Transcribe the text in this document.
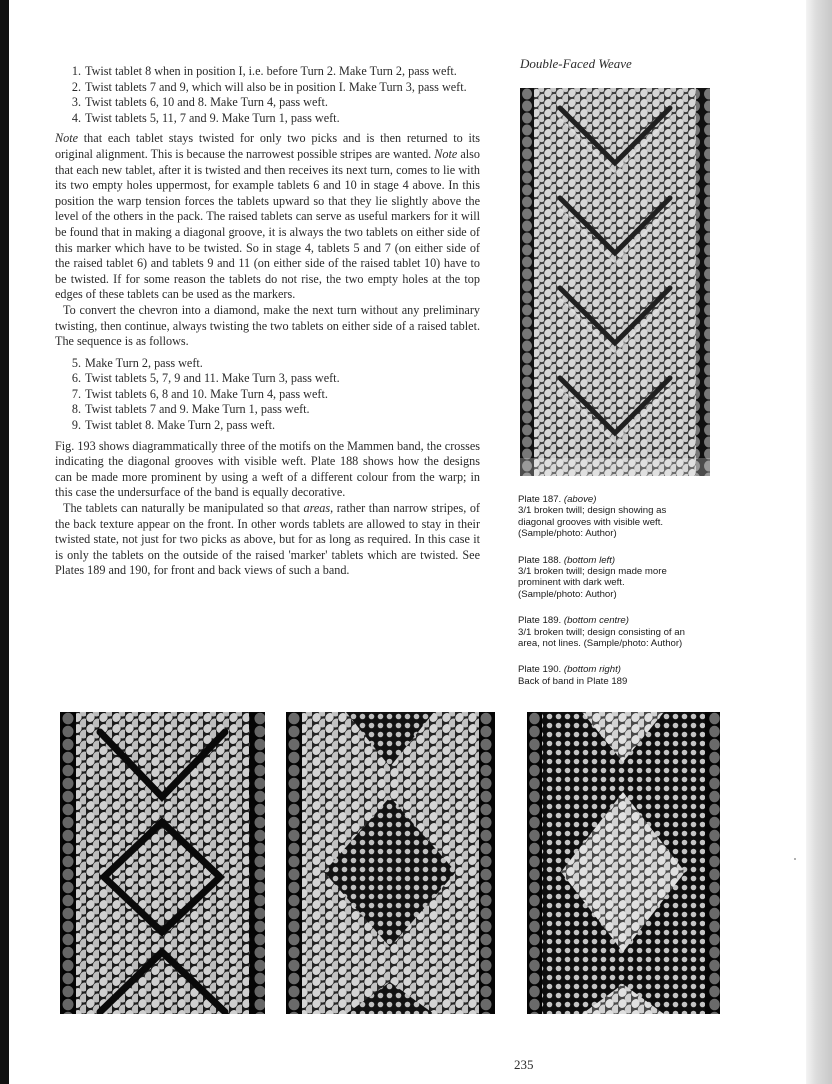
Double-Faced Weave
1. Twist tablet 8 when in position I, i.e. before Turn 2. Make Turn 2, pass weft.
2. Twist tablets 7 and 9, which will also be in position I. Make Turn 3, pass weft.
3. Twist tablets 6, 10 and 8. Make Turn 4, pass weft.
4. Twist tablets 5, 11, 7 and 9. Make Turn 1, pass weft.

Note that each tablet stays twisted for only two picks and is then returned to its original alignment. This is because the narrowest possible stripes are wanted. Note also that each new tablet, after it is twisted and then receives its next turn, comes to lie with its two empty holes uppermost, for example tablets 6 and 10 in stage 4 above. In this position the warp tension forces the tablets upward so that they lie slightly above the level of the others in the pack. The raised tablets can serve as useful markers for it will be found that in making a diagonal groove, it is always the two tablets on either side of this marker which have to be twisted. So in stage 4, tablets 5 and 7 (on either side of the raised tablet 6) and tablets 9 and 11 (on either side of the raised tablet 10) have to be twisted. If for some reason the tablets do not rise, the two empty holes at the top edges of these tablets can be used as the markers.

To convert the chevron into a diamond, make the next turn without any preliminary twisting, then continue, always twisting the two tablets on either side of a raised tablet. The sequence is as follows.

5. Make Turn 2, pass weft.
6. Twist tablets 5, 7, 9 and 11. Make Turn 3, pass weft.
7. Twist tablets 6, 8 and 10. Make Turn 4, pass weft.
8. Twist tablets 7 and 9. Make Turn 1, pass weft.
9. Twist tablet 8. Make Turn 2, pass weft.

Fig. 193 shows diagrammatically three of the motifs on the Mammen band, the crosses indicating the diagonal grooves with visible weft. Plate 188 shows how the designs can be made more prominent by using a weft of a different colour from the warp; in this case the undersurface of the band is equally decorative.

The tablets can naturally be manipulated so that areas, rather than narrow stripes, of the back texture appear on the front. In other words tablets are allowed to stay in their twisted state, not just for two picks as above, but for as long as required. In this case it is only the tablets on the outside of the raised 'marker' tablets which are twisted. See Plates 189 and 190, for front and back views of such a band.

Plate 187. (above)
3/1 broken twill; design showing as
diagonal grooves with visible weft.
(Sample/photo: Author)
Plate 188. (bottom left)
3/1 broken twill; design made more
prominent with dark weft.
(Sample/photo: Author)
Plate 189. (bottom centre)
3/1 broken twill; design consisting of an
area, not lines. (Sample/photo: Author)
Plate 190. (bottom right)
Back of band in Plate 189
235
